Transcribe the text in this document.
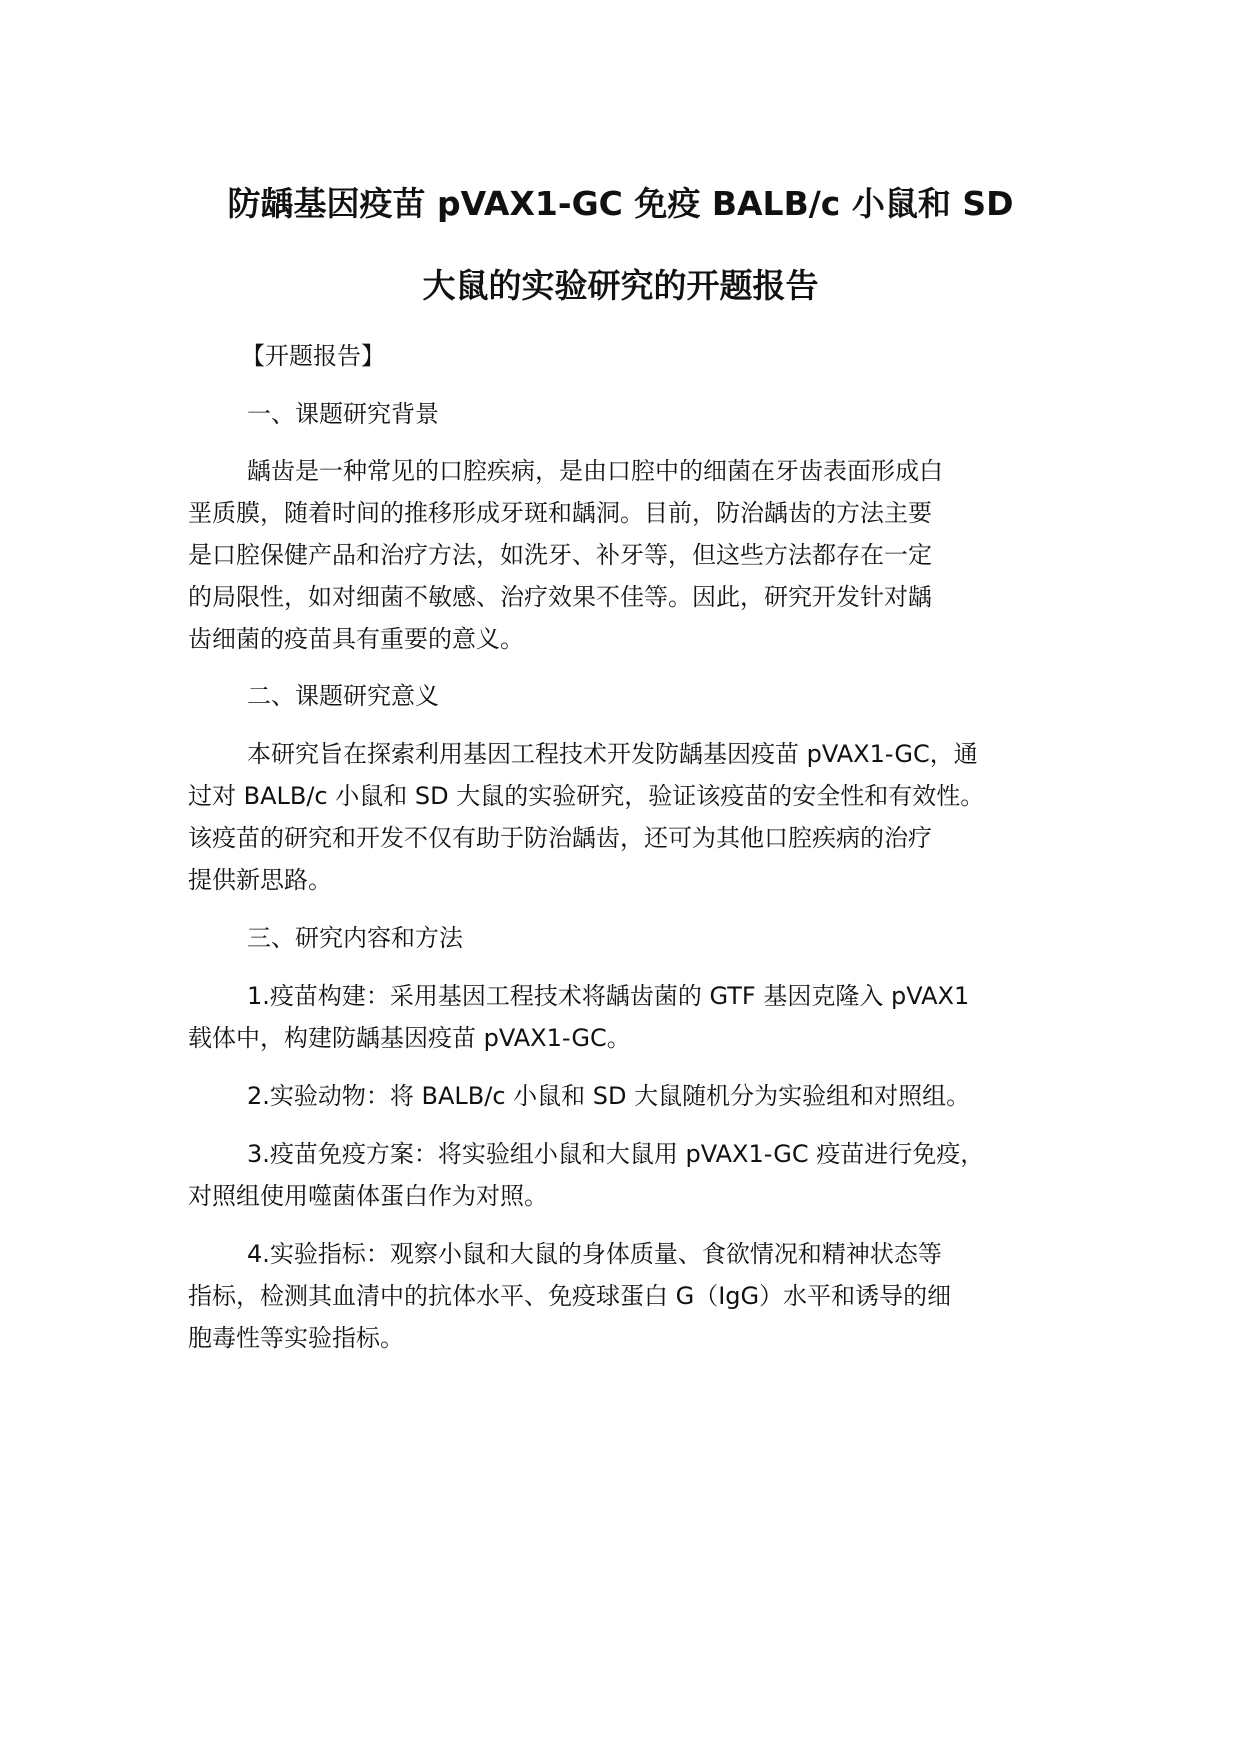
防龋基因疫苗 pVAX1-GC 免疫 BALB/c 小鼠和 SD
大鼠的实验研究的开题报告
【开题报告】
一、课题研究背景
龋齿是一种常见的口腔疾病，是由口腔中的细菌在牙齿表面形成白
垩质膜，随着时间的推移形成牙斑和龋洞。目前，防治龋齿的方法主要
是口腔保健产品和治疗方法，如洗牙、补牙等，但这些方法都存在一定
的局限性，如对细菌不敏感、治疗效果不佳等。因此，研究开发针对龋
齿细菌的疫苗具有重要的意义。
二、课题研究意义
本研究旨在探索利用基因工程技术开发防龋基因疫苗 pVAX1-GC，通
过对 BALB/c 小鼠和 SD 大鼠的实验研究，验证该疫苗的安全性和有效性。
该疫苗的研究和开发不仅有助于防治龋齿，还可为其他口腔疾病的治疗
提供新思路。
三、研究内容和方法
1.疫苗构建：采用基因工程技术将龋齿菌的 GTF 基因克隆入 pVAX1
载体中，构建防龋基因疫苗 pVAX1-GC。
2.实验动物：将 BALB/c 小鼠和 SD 大鼠随机分为实验组和对照组。
3.疫苗免疫方案：将实验组小鼠和大鼠用 pVAX1-GC 疫苗进行免疫，
对照组使用噬菌体蛋白作为对照。
4.实验指标：观察小鼠和大鼠的身体质量、食欲情况和精神状态等
指标，检测其血清中的抗体水平、免疫球蛋白 G（IgG）水平和诱导的细
胞毒性等实验指标。
